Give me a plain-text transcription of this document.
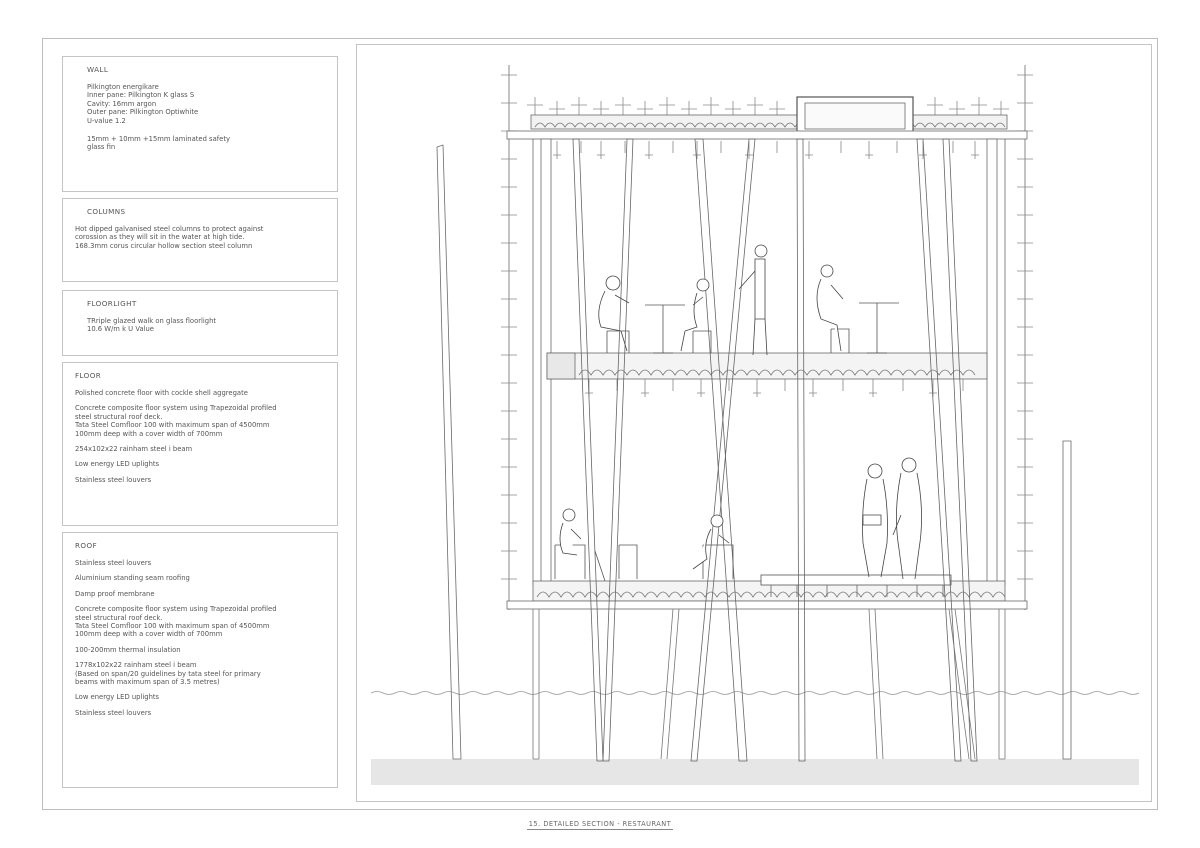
WALL

Pilkington energikare
Inner pane: Pilkington K glass S
Cavity: 16mm argon
Outer pane: Pilkington Optiwhite
U-value 1.2

15mm + 10mm +15mm laminated safety
glass fin

COLUMNS

Hot dipped galvanised steel columns to protect against
corossion as they will sit in the water at high tide.
168.3mm corus circular hollow section steel column

FLOORLIGHT

TRriple glazed walk on glass floorlight
10.6 W/m k U Value

FLOOR

Polished concrete floor with cockle shell aggregate

Concrete composite floor system using Trapezoidal profiled
steel structural roof deck.
Tata Steel Comfloor 100 with maximum span of 4500mm
100mm deep with a cover width of 700mm

254x102x22 rainham steel i beam

Low energy LED uplights

Stainless steel louvers

ROOF

Stainless steel louvers

Aluminium standing seam roofing

Damp proof membrane

Concrete composite floor system using Trapezoidal profiled
steel structural roof deck.
Tata Steel Comfloor 100 with maximum span of 4500mm
100mm deep with a cover width of 700mm

100-200mm thermal insulation

1778x102x22 rainham steel i beam
(Based on span/20 guidelines by tata steel for primary
beams with maximum span of 3.5 metres)

Low energy LED uplights

Stainless steel louvers

15. DETAILED SECTION - RESTAURANT
